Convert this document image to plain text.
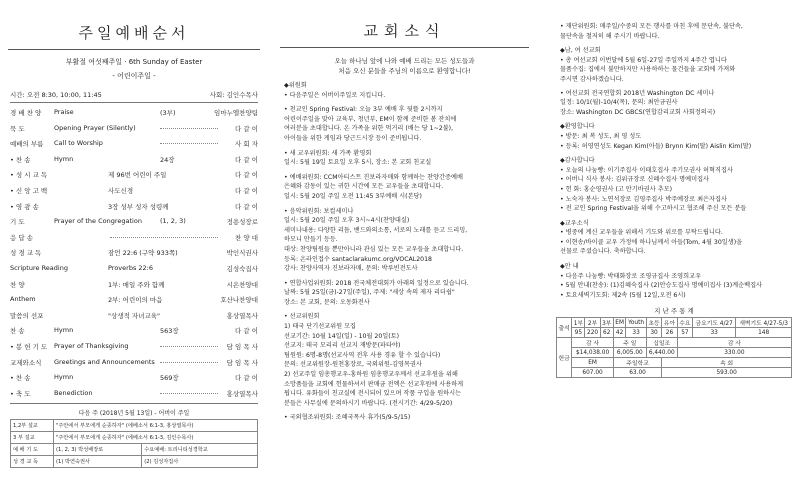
주일예배순서
부활절 여섯째주일 · 6th Sunday of Easter
- 어린이주일 -
시간: 오전 8:30, 10:00, 11:45	사회: 김인수목사
경 배 찬 양 Praise	(3부)	임마누엘찬양팀
묵 도	Opening Prayer (Silently)	다 같 이
예배의 부름 Call to Worship	사 회 자
• 찬 송	Hymn	24장	다 같 이
• 성 시 교 독	제 96번 어린이 주일	다 같 이
• 신 앙 고 백	사도신경	다 같 이
• 영 광 송	3장 성부 성자 성령께	다 같 이
기 도	Prayer of the Congregation	(1, 2, 3)	정용성장로
응 답 송	찬 양 대
성 경 교 독	잠언 22:6 (구약 933쪽)	박인식권사
Scripture Reading	Proverbs 22:6	김성숙집사
찬 양	1부: 매일 주와 함께	시온찬양대
Anthem	2부: 어린이의 마음	호산나찬양대
말씀의 선포	"상생적 자녀교육"	홍상열목사
찬 송	Hymn	563장	다 같 이
• 봉 헌 기 도 Prayer of Thanksgiving	담 임 목 사
교제와소식 Greetings and Announcements	담 임 목 사
• 찬 송	Hymn	569장	다 같 이
• 축 도	Benediction	홍상열목사
다음 주 (2018년 5월 13일) - 어버이 주일
1,2부 설교	"주안에서 부모에게 순종하자" (에베소서 6:1-3, 홍상열목사)	
3 부 설교	"주안에서 부모에게 순종하자" (에베소서 6:1-3, 김인수목사)	
예 배 기 도	(1, 2, 3) 박성배장로	수요예배: 트리니티성경학교
성 경 교 독	(1) 박연숙권사	(2) 김성자집사
교회소식
오늘 하나님 앞에 나와 예배 드리는 모든 성도들과
처음 오신 분들을 주님의 이름으로 환영합니다!
◆위원회
• 다음주일은 어버이주일로 지킵니다.
• 천교인 Spring Festival: 오늘 3부 예배 후 뒷뜰 2시까지
어린이주일을 맞아 교육부, 청년부, EM이 함께 준비한 봄 잔치에
여러분을 초대합니다. 온 가족을 위한 먹거리 (배는 당 1~2불),
아이들을 위한 게임과 당근드시장 등이 준비됩니다.
• 새 교우위원회: 새 가족 환영회
일시: 5월 19일 토요일 오후 5시, 장소: 본 교회 친교실
• 예배위원회: CCM아티스트 진보라자매와 함께하는 찬양간증예배
은혜와 감동이 있는 귀한 시간에 모든 교우들을 초대합니다.
일시: 5월 20일 주일 오전 11:45 3부예배 시(본당)
• 음악위원회: 보컬세미나
일시: 5월 20일 주일 오후 3시~4시(찬양대실)
세미나내용: 다양한 리듬, 밴드와의소통, 서로의 노래를 듣고 드리밍,
하모니 만들기 등등.
대상: 찬양팀원들 뿐만아니라 관심 있는 모든 교우들을 초대합니다.
등록: 온라인접수 santaclarakumc.org/VOCAL2018
강사: 찬양사역자 진보라자매, 문의: 박루빈전도사
• 연합사업위원회: 2018 전국체전대회가 아래의 일정으로 있습니다.
날짜: 5월 25일(금)-27일(주일), 주제: "세상 속의 제자 리더쉽"
장소: 본 교회, 문의: 오동화전사
• 선교위원회
1) 태국 단기선교위원 모집
선교기간: 10월 14일(일) - 10월 20일(토)
선교지: 태국 모리리 선교지 재방문(파타야)
팀원원: 6명-8명(선교사역 전후 사용 경유 할 수 있습니다)
문의: 선교위원장-원천홍장로, 국외위원-김영목권사
2) 선교주일 임총행교우-홍하원 임총행교우께서 선교후원을 위해
소망품들을 교회에 헌물하셔서 판매금 전액은 선교후원에 사용하게
됩니다. 유화들이 친교실에 전시되어 있으며 작품 구입을 원하시는
분들은 사무실에 문의하시기 바랍니다. (전시기간: 4/29-5/20)
• 국외협조위원회: 조혜국목사 휴가(5/9-5/15)
• 재단위원회: 매주일/수중의 모든 행사를 마친 후에 문단속, 불단속,
물단속을 철저히 해 주시기 바랍니다.
◆남, 여 선교회
• 총 여선교회 이번달에 5월 6일-27일 주일까지 4주간 엽니다
물품수집: 집에서 불만하지만 사용하하는 물건들을 교회에 가져와
주시면 감사하겠습니다.
• 여선교회 전국연합회 2018년 Washington DC 세미나
일정: 10/1(월)-10/4(목), 문의: 최안금권사
장소: Washington DC GBCS(연합감리교회 사회정의국)
◆환영합니다
• 방문: 최 복 성도, 최 영 성도
• 등록: 허영연성도 Kegan Kim(아들) Brynn Kim(딸) Aislin Kim(딸)
◆감사합니다
• 오늘의 나눔빵: 이기주집사 이태호집사 주기모권사 허혁직집사
• 어버니 식사 봉사: 김위규장로 신혜수집사 명예미집사
• 헌 화: 홍순영권사 (고 안기바권사 추모)
• 노숙자 봉사: 노연석장로 김영주집사 박주예장로 최은자집사
• 전 교인 Spring Festival을 위해 수고하시고 협조해 주신 모든 분들
◆교우소식
• 병중에 계신 교우들을 위해서 기도와 위로를 부탁드립니다.
• 이현송/바이클 교우 가정에 하나님께서 아들(Tom, 4월 30일생)을
선물로 주셨습니다. 축하합니다.
◆안 내
• 다음주 나눔빵: 박태화장로 조영규집사 조영희교우
• 5월 안내(찬송): (1)김혜숙집사 (2)안승도집사 명예미집사 (3)계순백집사
• 토요새벽기도회: 제2속 (5월 12일,오전 6시)
지 난 주 통 계
출석	1부	2부	3부	EM	Youth	초등	유아	수요	금요기도 4/27	새벽기도 4/27-5/3
	95	220	62	42	33	30	26	57	33	148
헌금	감 사			주 일		십일조		감 사		
	$14,038.00			6,005.00		6,440.00		330.00		
	EM			주일학교			속 회			
	607.00			63.00			593.00			
